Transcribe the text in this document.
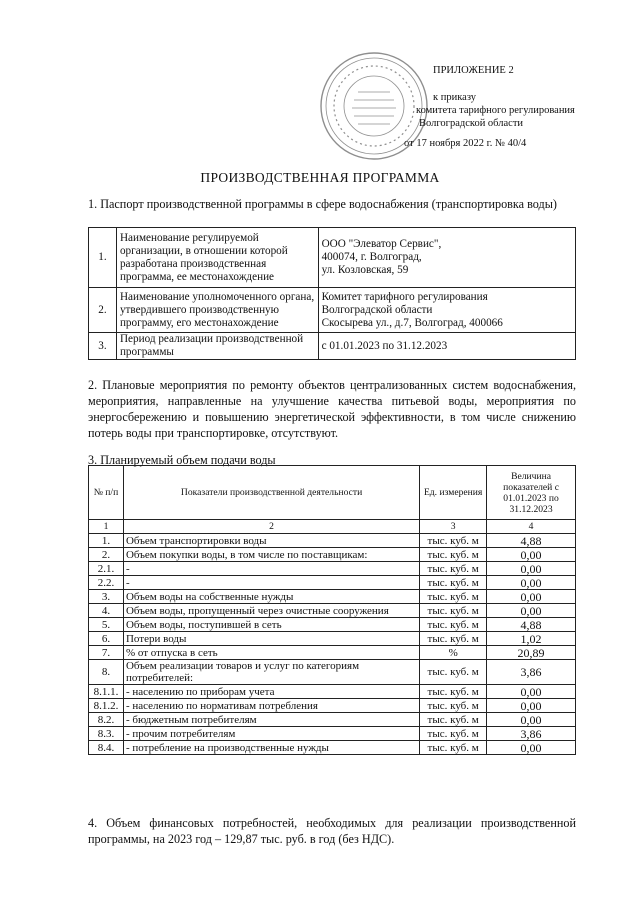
ПРИЛОЖЕНИЕ 2
к приказу
комитета тарифного регулирования
Волгоградской области
от 17 ноября 2022 г. № 40/4
ПРОИЗВОДСТВЕННАЯ ПРОГРАММА
1. Паспорт производственной программы в сфере водоснабжения (транспортировка воды)
1.	Наименование регулируемой организации, в отношении которой разработана производственная программа, ее местонахождение	ООО "Элеватор Сервис",
400074, г. Волгоград,
ул. Козловская, 59

2.	Наименование уполномоченного органа, утвердившего производственную программу, его местонахождение	Комитет тарифного регулирования
Волгоградской области
Скосырева ул., д.7, Волгоград, 400066

3.	Период реализации производственной программы	с 01.01.2023 по 31.12.2023
2. Плановые мероприятия по ремонту объектов централизованных систем водоснабжения, мероприятия, направленные на улучшение качества питьевой воды, мероприятия по энергосбережению и повышению энергетической эффективности, в том числе снижению потерь воды при транспортировке, отсутствуют.
3. Планируемый объем подачи воды
№ п/п	Показатели производственной деятельности	Ед. измерения	Величина показателей с 01.01.2023 по 31.12.2023
1	2	3	4
1.	Объем транспортировки воды	тыс. куб. м	4,88
2.	Объем покупки воды, в том числе по поставщикам:	тыс. куб. м	0,00
2.1.	-	тыс. куб. м	0,00
2.2.	-	тыс. куб. м	0,00
3.	Объем воды на собственные нужды	тыс. куб. м	0,00
4.	Объем воды, пропущенный через очистные сооружения	тыс. куб. м	0,00
5.	Объем воды, поступившей в сеть	тыс. куб. м	4,88
6.	Потери воды	тыс. куб. м	1,02
7.	% от отпуска в сеть	%	20,89
8.	Объем реализации товаров и услуг по категориям потребителей:	тыс. куб. м	3,86
8.1.1.	- населению по приборам учета	тыс. куб. м	0,00
8.1.2.	- населению по нормативам потребления	тыс. куб. м	0,00
8.2.	- бюджетным потребителям	тыс. куб. м	0,00
8.3.	- прочим потребителям	тыс. куб. м	3,86
8.4.	- потребление на производственные нужды	тыс. куб. м	0,00
4. Объем финансовых потребностей, необходимых для реализации производственной программы, на 2023 год – 129,87 тыс. руб. в год (без НДС).
